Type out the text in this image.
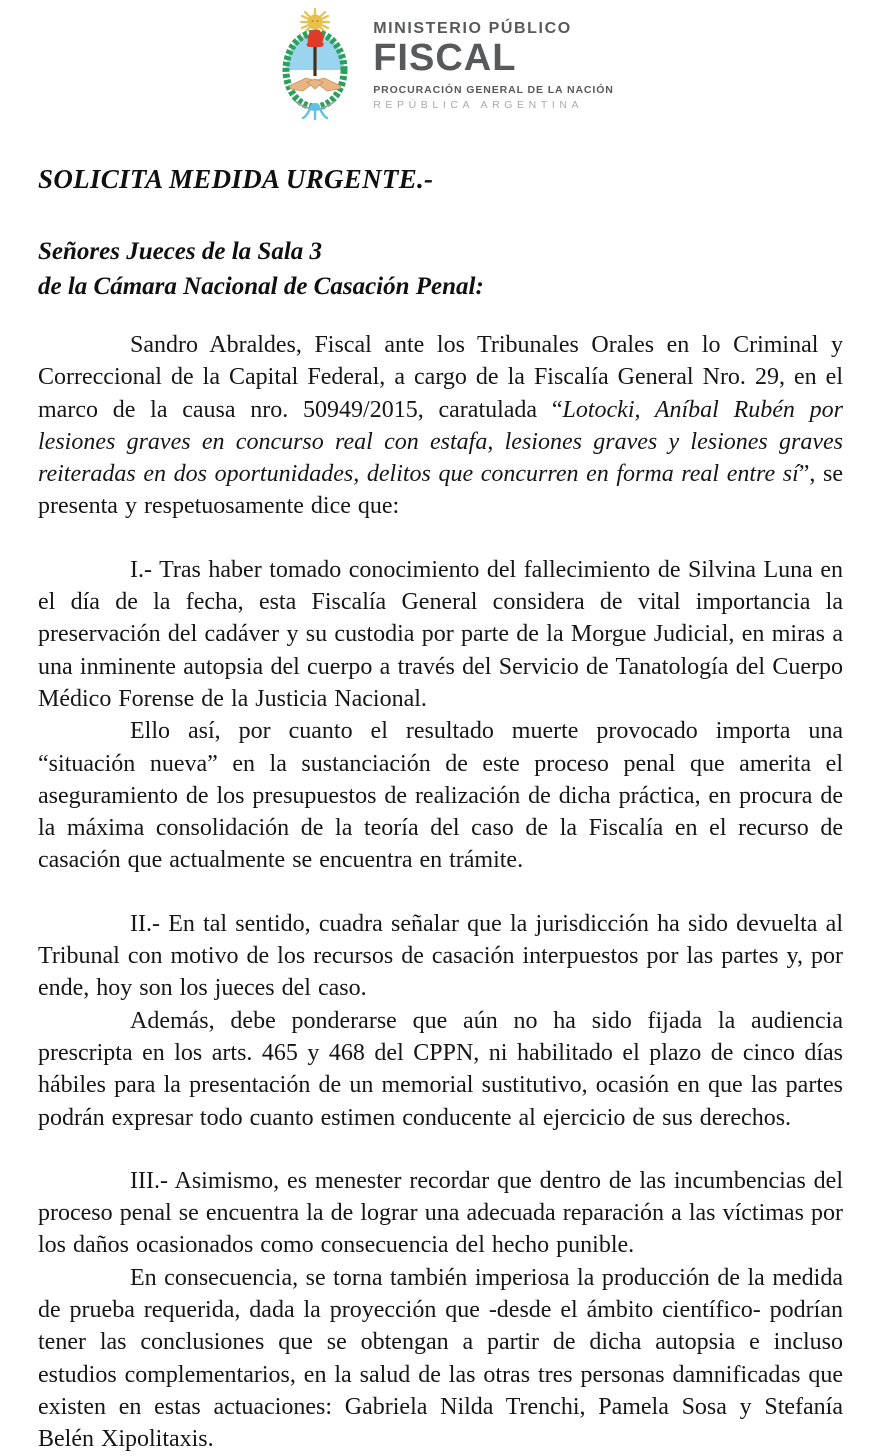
MINISTERIO PÚBLICO
FISCAL
PROCURACIÓN GENERAL DE LA NACIÓN
REPÚBLICA ARGENTINA
SOLICITA MEDIDA URGENTE.-

Señores Jueces de la Sala 3

de la Cámara Nacional de Casación Penal:

Sandro Abraldes, Fiscal ante los Tribunales Orales en lo Criminal y Correccional de la Capital Federal, a cargo de la Fiscalía General Nro. 29, en el marco de la causa nro. 50949/2015, caratulada “Lotocki, Aníbal Rubén por lesiones graves en concurso real con estafa, lesiones graves y lesiones graves reiteradas en dos oportunidades, delitos que concurren en forma real entre sí”, se presenta y respetuosamente dice que:

I.- Tras haber tomado conocimiento del fallecimiento de Silvina Luna en el día de la fecha, esta Fiscalía General considera de vital importancia la preservación del cadáver y su custodia por parte de la Morgue Judicial, en miras a una inminente autopsia del cuerpo a través del Servicio de Tanatología del Cuerpo Médico Forense de la Justicia Nacional.

Ello así, por cuanto el resultado muerte provocado importa una “situación nueva” en la sustanciación de este proceso penal que amerita el aseguramiento de los presupuestos de realización de dicha práctica, en procura de la máxima consolidación de la teoría del caso de la Fiscalía en el recurso de casación que actualmente se encuentra en trámite.

II.- En tal sentido, cuadra señalar que la jurisdicción ha sido devuelta al Tribunal con motivo de los recursos de casación interpuestos por las partes y, por ende, hoy son los jueces del caso.

Además, debe ponderarse que aún no ha sido fijada la audiencia prescripta en los arts. 465 y 468 del CPPN, ni habilitado el plazo de cinco días hábiles para la presentación de un memorial sustitutivo, ocasión en que las partes podrán expresar todo cuanto estimen conducente al ejercicio de sus derechos.

III.- Asimismo, es menester recordar que dentro de las incumbencias del proceso penal se encuentra la de lograr una adecuada reparación a las víctimas por los daños ocasionados como consecuencia del hecho punible.

En consecuencia, se torna también imperiosa la producción de la medida de prueba requerida, dada la proyección que -desde el ámbito científico- podrían tener las conclusiones que se obtengan a partir de dicha autopsia e incluso estudios complementarios, en la salud de las otras tres personas damnificadas que existen en estas actuaciones: Gabriela Nilda Trenchi, Pamela Sosa y Stefanía Belén Xipolitaxis.
